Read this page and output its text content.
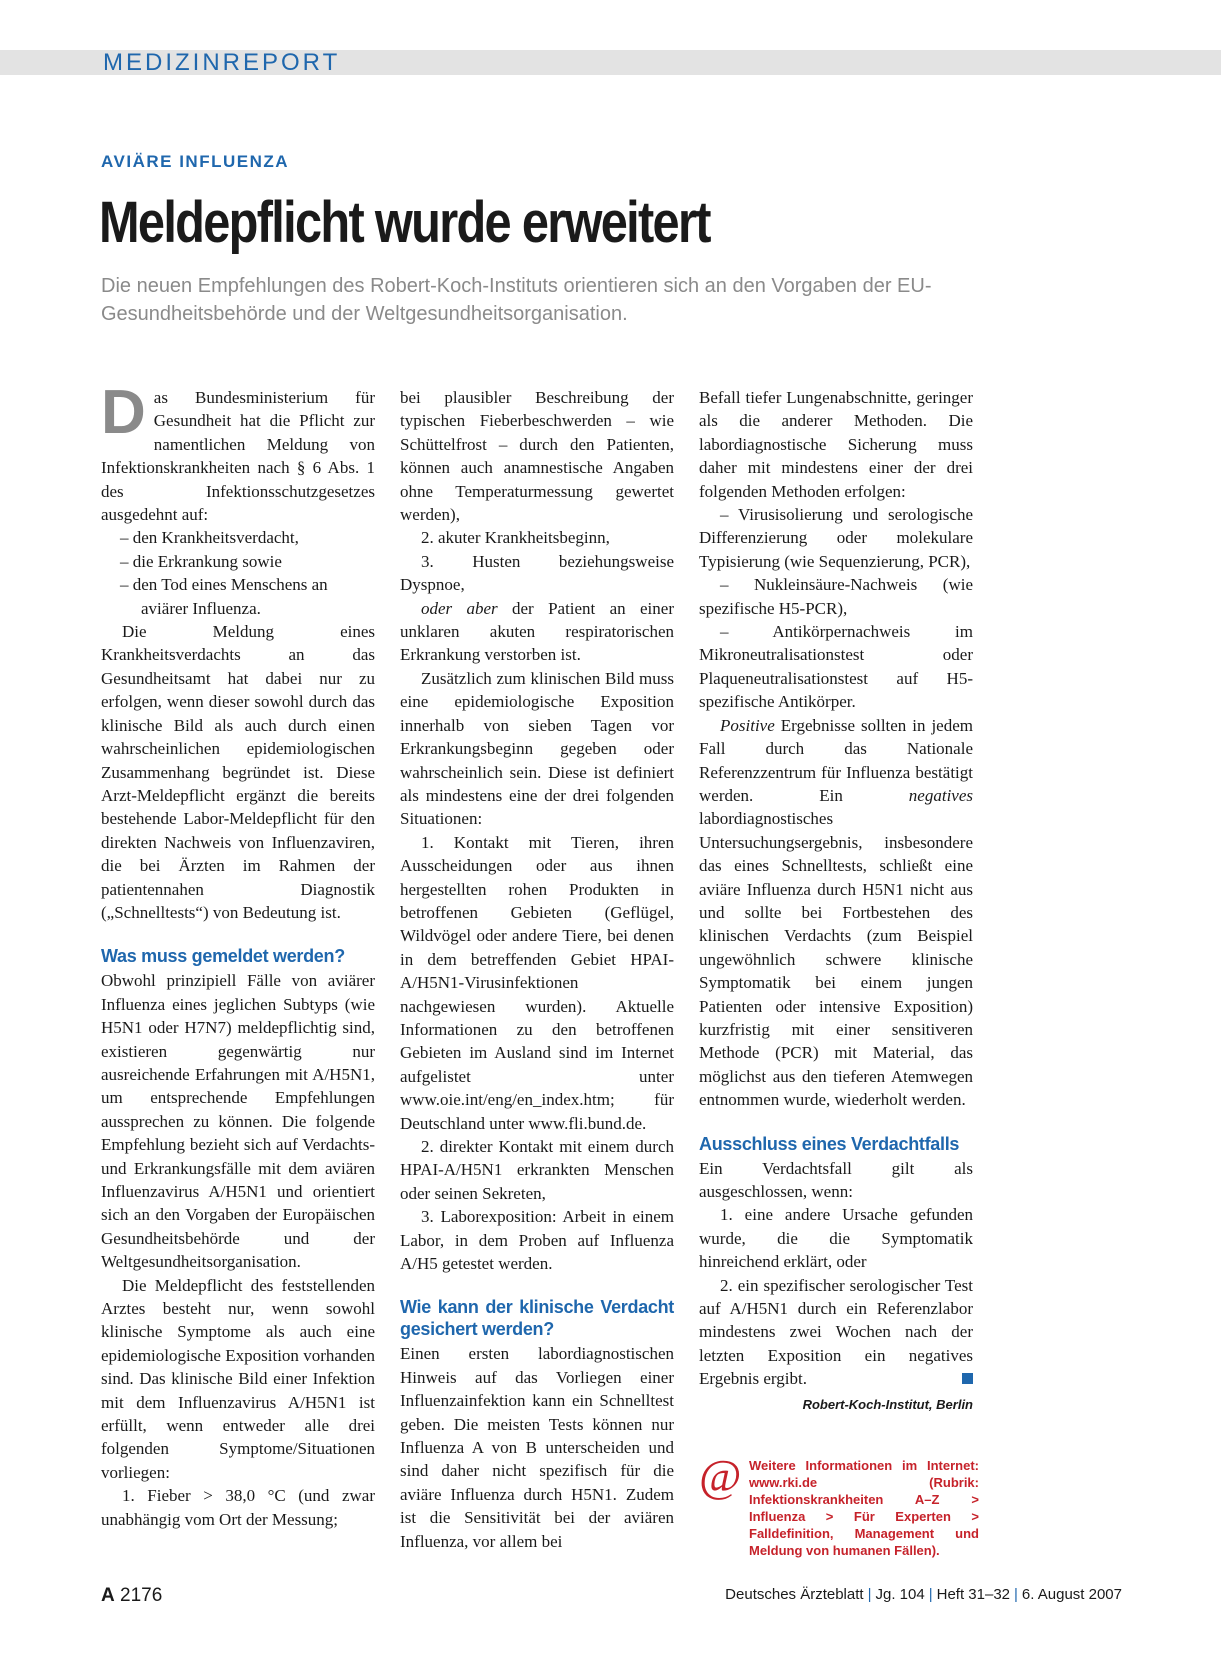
MEDIZINREPORT
AVIÄRE INFLUENZA
Meldepflicht wurde erweitert

Die neuen Empfehlungen des Robert-Koch-Instituts orientieren sich an den Vorgaben der EU-Gesundheitsbehörde und der Weltgesundheitsorganisation.

Das Bundesministerium für Gesundheit hat die Pflicht zur namentlichen Meldung von Infektionskrankheiten nach § 6 Abs. 1 des Infektionsschutzgesetzes ausgedehnt auf:

– den Krankheitsverdacht,

– die Erkrankung sowie

– den Tod eines Menschens an aviärer Influenza.

Die Meldung eines Krankheitsverdachts an das Gesundheitsamt hat dabei nur zu erfolgen, wenn dieser sowohl durch das klinische Bild als auch durch einen wahrscheinlichen epidemiologischen Zusammenhang begründet ist. Diese Arzt-Meldepflicht ergänzt die bereits bestehende Labor-Meldepflicht für den direkten Nachweis von Influenzaviren, die bei Ärzten im Rahmen der patientennahen Diagnostik („Schnelltests“) von Bedeutung ist.

Was muss gemeldet werden?

Obwohl prinzipiell Fälle von aviärer Influenza eines jeglichen Subtyps (wie H5N1 oder H7N7) meldepflichtig sind, existieren gegenwärtig nur ausreichende Erfahrungen mit A/H5N1, um entsprechende Empfehlungen aussprechen zu können. Die folgende Empfehlung bezieht sich auf Verdachts- und Erkrankungsfälle mit dem aviären Influenzavirus A/H5N1 und orientiert sich an den Vorgaben der Europäischen Gesundheitsbehörde und der Weltgesundheitsorganisation.

Die Meldepflicht des feststellenden Arztes besteht nur, wenn sowohl klinische Symptome als auch eine epidemiologische Exposition vorhanden sind. Das klinische Bild einer Infektion mit dem Influenzavirus A/H5N1 ist erfüllt, wenn entweder alle drei folgenden Symptome/Situationen vorliegen:

1. Fieber > 38,0 °C (und zwar unabhängig vom Ort der Messung;

bei plausibler Beschreibung der typischen Fieberbeschwerden – wie Schüttelfrost – durch den Patienten, können auch anamnestische Angaben ohne Temperaturmessung gewertet werden),

2. akuter Krankheitsbeginn,

3. Husten beziehungsweise Dyspnoe,

oder aber der Patient an einer unklaren akuten respiratorischen Erkrankung verstorben ist.

Zusätzlich zum klinischen Bild muss eine epidemiologische Exposition innerhalb von sieben Tagen vor Erkrankungsbeginn gegeben oder wahrscheinlich sein. Diese ist definiert als mindestens eine der drei folgenden Situationen:

1. Kontakt mit Tieren, ihren Ausscheidungen oder aus ihnen hergestellten rohen Produkten in betroffenen Gebieten (Geflügel, Wildvögel oder andere Tiere, bei denen in dem betreffenden Gebiet HPAI-A/H5N1-Virusinfektionen nachgewiesen wurden). Aktuelle Informationen zu den betroffenen Gebieten im Ausland sind im Internet aufgelistet unter www.oie.int/eng/en_index.htm; für Deutschland unter www.fli.bund.de.

2. direkter Kontakt mit einem durch HPAI-A/H5N1 erkrankten Menschen oder seinen Sekreten,

3. Laborexposition: Arbeit in einem Labor, in dem Proben auf Influenza A/H5 getestet werden.

Wie kann der klinische Verdacht gesichert werden?

Einen ersten labordiagnostischen Hinweis auf das Vorliegen einer Influenzainfektion kann ein Schnelltest geben. Die meisten Tests können nur Influenza A von B unterscheiden und sind daher nicht spezifisch für die aviäre Influenza durch H5N1. Zudem ist die Sensitivität bei der aviären Influenza, vor allem bei

Befall tiefer Lungenabschnitte, geringer als die anderer Methoden. Die labordiagnostische Sicherung muss daher mit mindestens einer der drei folgenden Methoden erfolgen:

– Virusisolierung und serologische Differenzierung oder molekulare Typisierung (wie Sequenzierung, PCR),

– Nukleinsäure-Nachweis (wie spezifische H5-PCR),

– Antikörpernachweis im Mikroneutralisationstest oder Plaqueneutralisationstest auf H5-spezifische Antikörper.

Positive Ergebnisse sollten in jedem Fall durch das Nationale Referenzzentrum für Influenza bestätigt werden. Ein negatives labordiagnostisches Untersuchungsergebnis, insbesondere das eines Schnelltests, schließt eine aviäre Influenza durch H5N1 nicht aus und sollte bei Fortbestehen des klinischen Verdachts (zum Beispiel ungewöhnlich schwere klinische Symptomatik bei einem jungen Patienten oder intensive Exposition) kurzfristig mit einer sensitiveren Methode (PCR) mit Material, das möglichst aus den tieferen Atemwegen entnommen wurde, wiederholt werden.

Ausschluss eines Verdachtfalls

Ein Verdachtsfall gilt als ausgeschlossen, wenn:

1. eine andere Ursache gefunden wurde, die die Symptomatik hinreichend erklärt, oder

2. ein spezifischer serologischer Test auf A/H5N1 durch ein Referenzlabor mindestens zwei Wochen nach der letzten Exposition ein negatives Ergebnis ergibt.

Robert-Koch-Institut, Berlin
@ Weitere Informationen im Internet: www.rki.de (Rubrik: Infektionskrankheiten A–Z > Influenza > Für Experten > Falldefinition, Management und Meldung von humanen Fällen).

A 2176	Deutsches Ärzteblatt | Jg. 104 | Heft 31–32 | 6. August 2007
